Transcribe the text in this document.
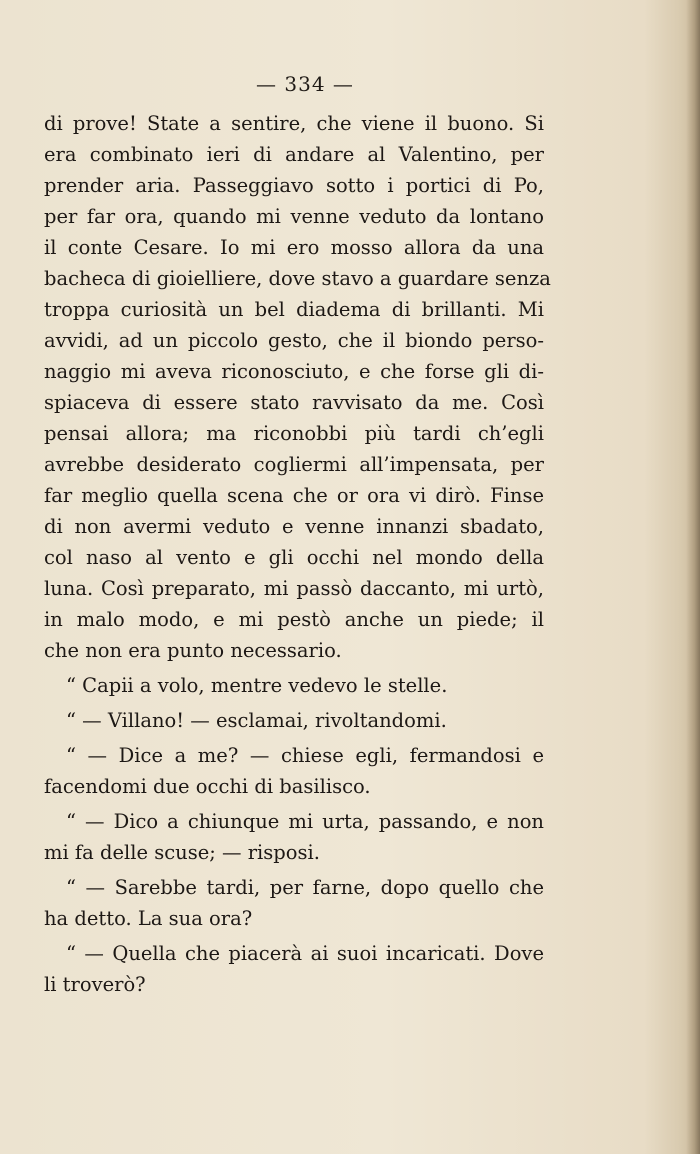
— 334 —
di prove! State a sentire, che viene il buono. Si
era combinato ieri di andare al Valentino, per
prender aria. Passeggiavo sotto i portici di Po,
per far ora, quando mi venne veduto da lontano
il conte Cesare. Io mi ero mosso allora da una
bacheca di gioielliere, dove stavo a guardare senza
troppa curiosità un bel diadema di brillanti. Mi
avvidi, ad un piccolo gesto, che il biondo perso-
naggio mi aveva riconosciuto, e che forse gli di-
spiaceva di essere stato ravvisato da me. Così
pensai allora; ma riconobbi più tardi ch’egli
avrebbe desiderato cogliermi all’impensata, per
far meglio quella scena che or ora vi dirò. Finse
di non avermi veduto e venne innanzi sbadato,
col naso al vento e gli occhi nel mondo della
luna. Così preparato, mi passò daccanto, mi urtò,
in malo modo, e mi pestò anche un piede; il
che non era punto necessario.
“ Capii a volo, mentre vedevo le stelle.
“ — Villano! — esclamai, rivoltandomi.
“ — Dice a me? — chiese egli, fermandosi e
facendomi due occhi di basilisco.
“ — Dico a chiunque mi urta, passando, e non
mi fa delle scuse; — risposi.
“ — Sarebbe tardi, per farne, dopo quello che
ha detto. La sua ora?
“ — Quella che piacerà ai suoi incaricati. Dove
li troverò?
